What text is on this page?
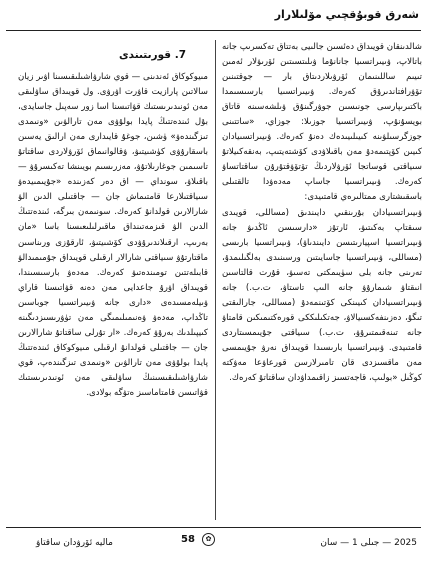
شەرق قوبۇقچىي مۆلىلارار

شالدىنقان قويىداق دەئسىن جالىيى بەتتاق تەكسرىپ جانە باتالاپ، ۋىيىراتسىيا جانانۇما ۋىلىتسىتىن ئۆرىۋلار ئەمىن تىيىم ساللىنىمان ئۆرۋىلاردىتاق بار — جوقتىنىن تۆۋرافتاندىرۇق كەرەك. ۋىيىراتسىيا بارسىسىمدا باكتىرىپارسى جونىسىن جوۋرگىنۇق ۋىلشەسىنە قاتاق بويسۇنۇپ، ۋىيىراتسىيا جوزىلا: جوزاي، «ساتتىنى جوزگرسىلۋىنە كىيىلىيىدەك دەنۇ كەرەك. ۋىيىراتسىيادان كىيىن كۆپتىمەدۇ مەن باقىلاۋدى كۆشتەيتىپ، بەنقەكىيلاتۇ سىياقتى قوساتجا ئۆرۋلاردىڭ تۆتۆۋقتۇرۇن ساقتاتساۋ كەرەك. ۋىيىراتسىيا جاساپ مەدەۋدا تالقتىلى باسقىشتارى ممتالىرەي قامتىيدى:

ۋىيىراتسىيادان بۇرىنقىي دايىندىق (مساللى، قويىدى سىقتاپ بەكىتىۋ، ئارتۇز «دارسىسن ئاڭدىۋ جانە ۋىيىراتسىيا اسپيارىتىسن دايىندىاۋ)، ۋىيىراتسىيا بارىسى (مساللى، ۋىيىراتسىيا جاسايىتىن ورسىنىدى بەلگىلىمدۇ، تەرىنى جانە بلى سۈيىمكتى تەسىۋ، قۇرت قالتاسىن انىقتاۋ شىمارۇۋ جانە الىپ تاستاۋ، ت.ب.) جانە ۋىيىراتسىيادان كىيىنكى كۆتىنمەدۇ (مساللى، جارالىقتى تىگۇ، دەزىنفەكسىيالاۋ، جەتكىلىككى قورەكتىمىكىن قامتاۋ جانە تىنەقىمتىرۇۋ، ت.ب.) سىياقتى جۇيىمسىتاردى قامتىيدى. ۋىيىراتسىيا بارىسىدا قويىداق نەرۋ جۇيىمسى مەن ماقسىزدى قان تامىرلارسن قورعاۋعا مەۋكتە كوڭىل «بولىپ، قاجەتسىز زاقىمداۋدان ساقتاتۇ كەرەك.

7. قورىتىندى

مىيوكوكاق ئەندىنى — قوي شارۋاشىلىقىسىنا اۋىر زيان سالاتىن پارازيت قاۋرت اۋرۋى. ول قويىداق ساۋلىقى مەن ئونىدىرىستىك قۋاتىسنا اسا زور سەپىل جاسايدى، بۇل ئىندەتتىڭ پايدا بولۇۋى مەن تارالۋىن «ونىمدى تىزگىندەۋ» ۈشىن، جوغۇ قايىدارى مەن ارالىق يەسىن باسقارۇۋى كۈشىيتىۋ، ۋقالوانىماق ئۆرۋلاردى ساقتاتۇ تاسىمىن جوغارىلاتۇۋ، مەزرىسىم بويىنشا تەكىسرۇۋ — باقىلاۋ، سونداي — اق دەر كەزىندە «جۇيىمىيدەۋ سىياقتىلارعا قامتىماش جان — جاقتىلى الدىن الۋ شارالارىن قولدانۇ كەرەك. سونىمەن بىرگە، ئىندەتتىڭ الدىن الۋ قىزمەتىنداق ماقىرلىلىعىسنا باسا «مان بەرىپ، ارقىلاندىرۇۋدى كۆشىيتىۋ، ئارقۇزى ورىناسىن ماقتارتۇۋ سىياقتى شارالار ارقىلى قويىداق جۇمىمىدالۋ قابىلەتتىن تومىندەتىۋ كەرەك. مەدەۋ بارسىسىندا، قويىداق اۋرۇ جاعدايى مەن دەنە قۋاتىسنا قاراي ۋىيلەمسىدەى «دارى جانە ۋىيىراتسىيا جوباسىن تاڭداپ، مەدەۋ ۋەنىمىلىمىگى مەن تۈۋرىسىزدىگىنە كىيپىلدىك بەرۇۋ كەرەك. «ار تۇرلى ساقتاتۇ شارالارىن جان — جاقتىلى قولدانۇ ارقىلى مىيوكوكاق ئىندەتتىڭ پايدا بولۇۋى مەن تارالۋىن «ونىمدى تىزگىندەپ، قوي شارۋاشىلىقىسىنىڭ ساۋلىقى مەن ئونىدىرىستىك قۋاتىسن قامتاماسىز ەتۋگە بولادى.

ماليە ئۆرۋدان ساقتاۋ	58	✿	2025 — جىلى 1 — سان
